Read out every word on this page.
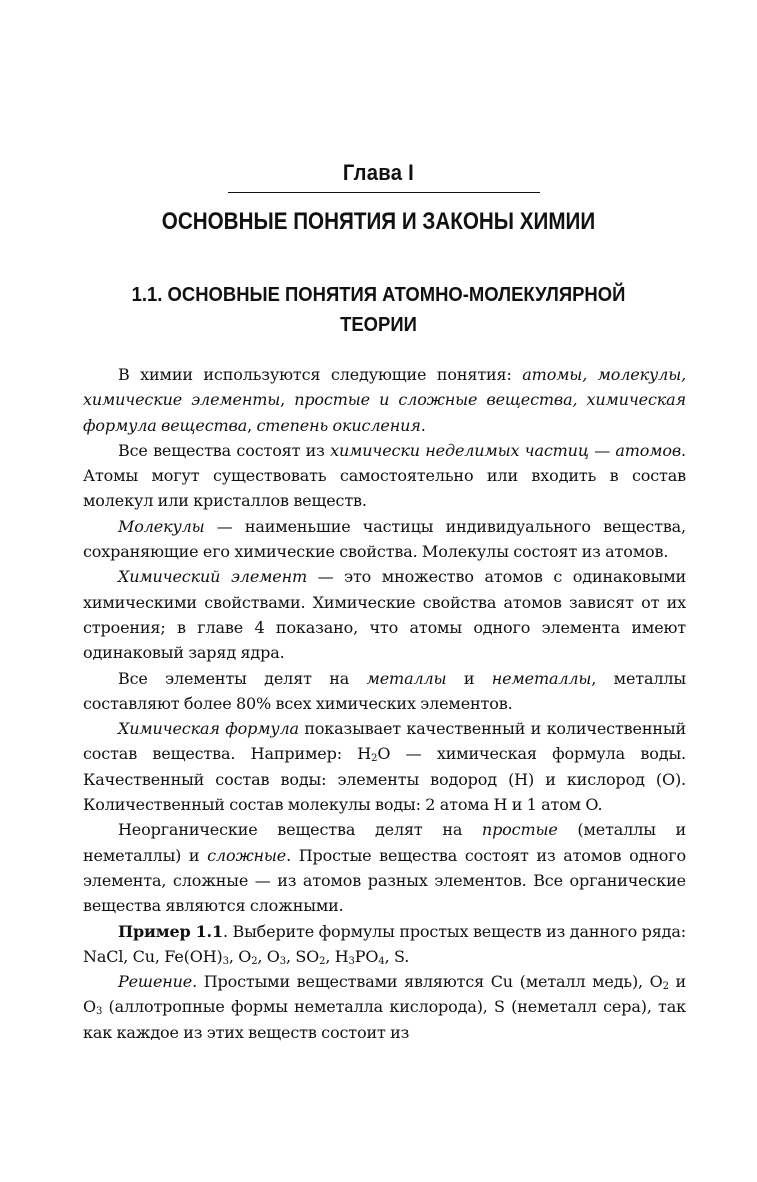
Глава I
ОСНОВНЫЕ ПОНЯТИЯ И ЗАКОНЫ ХИМИИ
1.1. ОСНОВНЫЕ ПОНЯТИЯ АТОМНО-МОЛЕКУЛЯРНОЙ
ТЕОРИИ

В химии используются следующие понятия: атомы, молекулы, химические элементы, простые и сложные вещества, химическая формула вещества, степень окисления.

Все вещества состоят из химически неделимых частиц — атомов. Атомы могут существовать самостоятельно или входить в состав молекул или кристаллов веществ.

Молекулы — наименьшие частицы индивидуального вещества, сохраняющие его химические свойства. Молекулы состоят из атомов.

Химический элемент — это множество атомов с одинаковыми химическими свойствами. Химические свойства атомов зависят от их строения; в главе 4 показано, что атомы одного элемента имеют одинаковый заряд ядра.

Все элементы делят на металлы и неметаллы, металлы составляют более 80% всех химических элементов.

Химическая формула показывает качественный и количественный состав вещества. Например: $H_2O$ — химическая формула воды. Качественный состав воды: элементы водород (H) и кислород (O). Количественный состав молекулы воды: 2 атома H и 1 атом O.

Неорганические вещества делят на простые (металлы и неметаллы) и сложные. Простые вещества состоят из атомов одного элемента, сложные — из атомов разных элементов. Все органические вещества являются сложными.

Пример 1.1. Выберите формулы простых веществ из данного ряда: NaCl, Cu, $Fe(OH)_3$, $O_2$, $O_3$, $SO_2$, $H_3PO_4$, S.

Решение. Простыми веществами являются Cu (металл медь), $O_2$ и $O_3$ (аллотропные формы неметалла кислорода), S (неметалл сера), так как каждое из этих веществ состоит из
